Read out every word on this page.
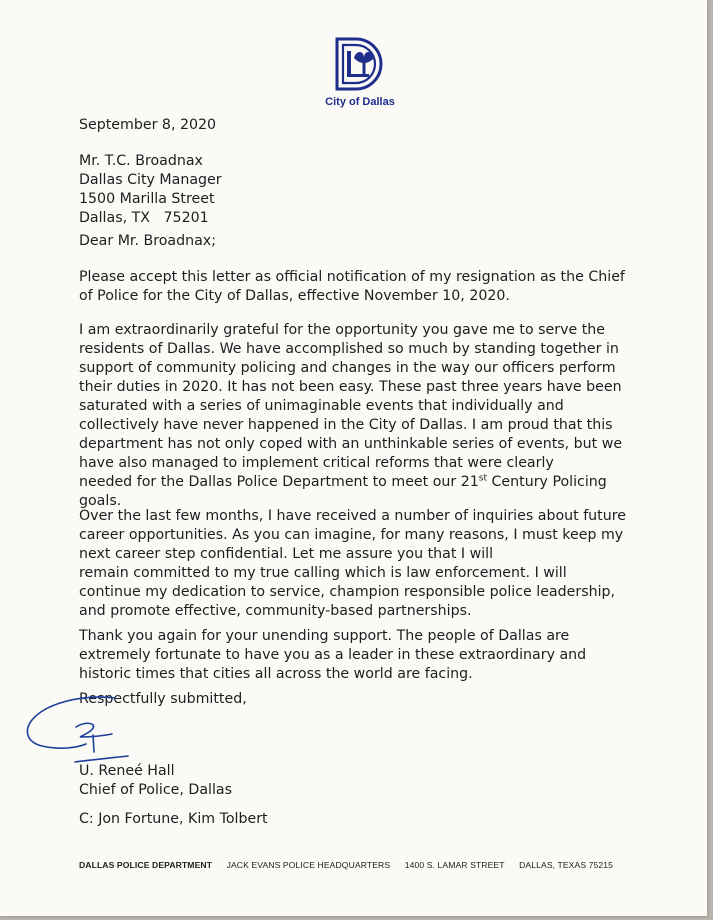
City of Dallas
September 8, 2020
Mr. T.C. Broadnax
Dallas City Manager
1500 Marilla Street
Dallas, TX   75201
Dear Mr. Broadnax;
Please accept this letter as official notification of my resignation as the Chief
of Police for the City of Dallas, effective November 10, 2020.
I am extraordinarily grateful for the opportunity you gave me to serve the
residents of Dallas. We have accomplished so much by standing together in
support of community policing and changes in the way our officers perform
their duties in 2020. It has not been easy. These past three years have been
saturated with a series of unimaginable events that individually and
collectively have never happened in the City of Dallas. I am proud that this
department has not only coped with an unthinkable series of events, but we
have also managed to implement critical reforms that were clearly
needed for the Dallas Police Department to meet our 21st Century Policing
goals.
Over the last few months, I have received a number of inquiries about future
career opportunities. As you can imagine, for many reasons, I must keep my
next career step confidential. Let me assure you that I will
remain committed to my true calling which is law enforcement. I will
continue my dedication to service, champion responsible police leadership,
and promote effective, community-based partnerships.
Thank you again for your unending support. The people of Dallas are
extremely fortunate to have you as a leader in these extraordinary and
historic times that cities all across the world are facing.
Respectfully submitted,
U. Reneé Hall
Chief of Police, Dallas
C: Jon Fortune, Kim Tolbert
DALLAS POLICE DEPARTMENT JACK EVANS POLICE HEADQUARTERS 1400 S. LAMAR STREET DALLAS, TEXAS 75215
